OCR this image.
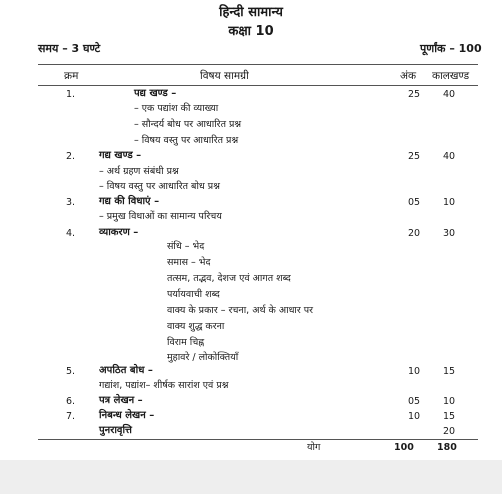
हिन्दी सामान्य
कक्षा 10
समय – 3 घण्टे	पूर्णांक – 100
क्रम	विषय सामग्री	अंक कालखण्ड
1.	पद्य खण्ड –
– एक पद्यांश की व्याख्या
– सौन्दर्य बोध पर आधारित प्रश्न
– विषय वस्तु पर आधारित प्रश्न
25 40
2. गद्य खण्ड –
– अर्थ ग्रहण संबंधी प्रश्न
– विषय वस्तु पर आधारित बोध प्रश्न
25 40
3. गद्य की विधाएं –
– प्रमुख विधाओं का सामान्य परिचय
05 10
4. व्याकरण –
संधि – भेद
समास – भेद
तत्सम, तद्भव, देशज एवं आगत शब्द
पर्यायवाची शब्द
वाक्य के प्रकार – रचना, अर्थ के आधार पर
वाक्य शुद्ध करना
विराम चिह्न
मुहावरे / लोकोक्तियाँ
20 30
5. अपठित बोध –
गद्यांश, पद्यांश– शीर्षक सारांश एवं प्रश्न
10 15
6. पत्र लेखन –	05 10
7. निबन्ध लेखन –	10 15
पुनरावृत्ति	20
योग	100 180
